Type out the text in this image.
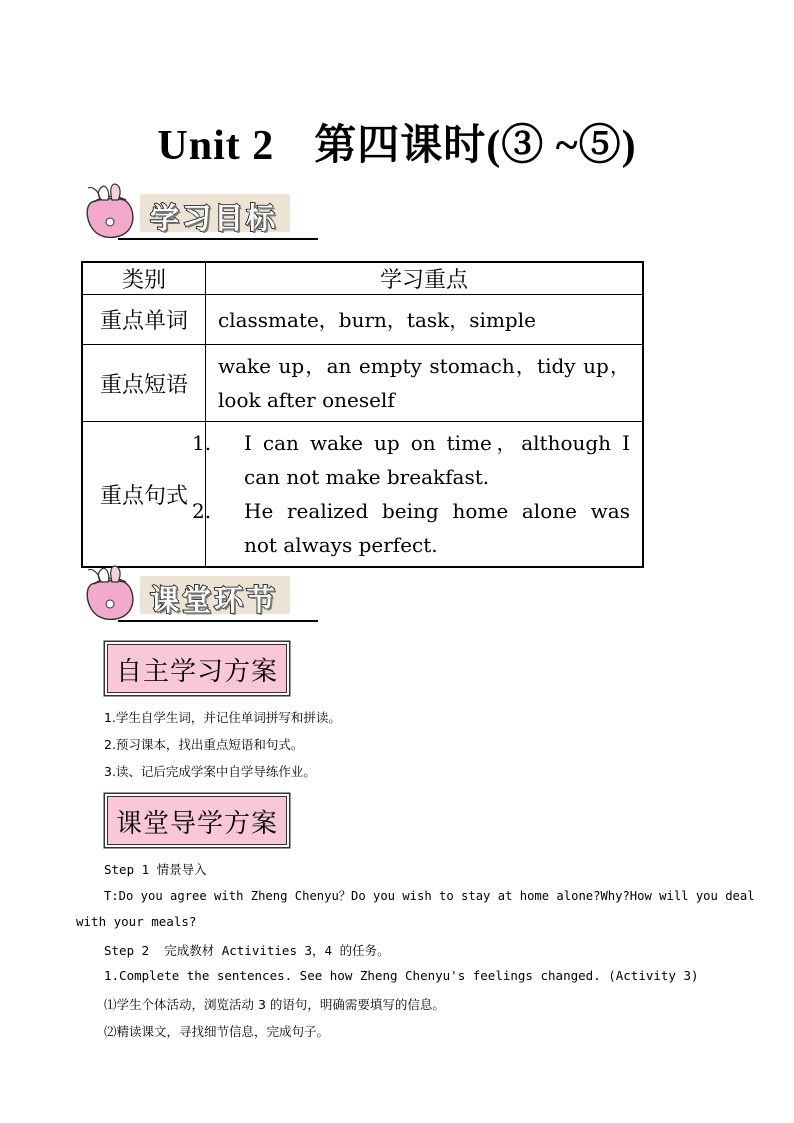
Unit 2 第四课时(③ ~⑤)
学习目标
类别	学习重点
重点单词	classmate，burn，task，simple
重点短语	wake up，an empty stomach，tidy up，look after oneself
重点句式	1. I can wake up on time，although I can not make breakfast.
2. He realized being home alone was not always perfect.
课堂环节
自主学习方案
1.学生自学生词，并记住单词拼写和拼读。
2.预习课本，找出重点短语和句式。
3.读、记后完成学案中自学导练作业。
课堂导学方案
Step 1 情景导入
T:Do you agree with Zheng Chenyu？Do you wish to stay at home alone?Why?How will you deal
with your meals?
Step 2  完成教材 Activities 3，4 的任务。
1.Complete the sentences. See how Zheng Chenyu's feelings changed. (Activity 3)
⑴学生个体活动，浏览活动 3 的语句，明确需要填写的信息。
⑵精读课文，寻找细节信息，完成句子。
